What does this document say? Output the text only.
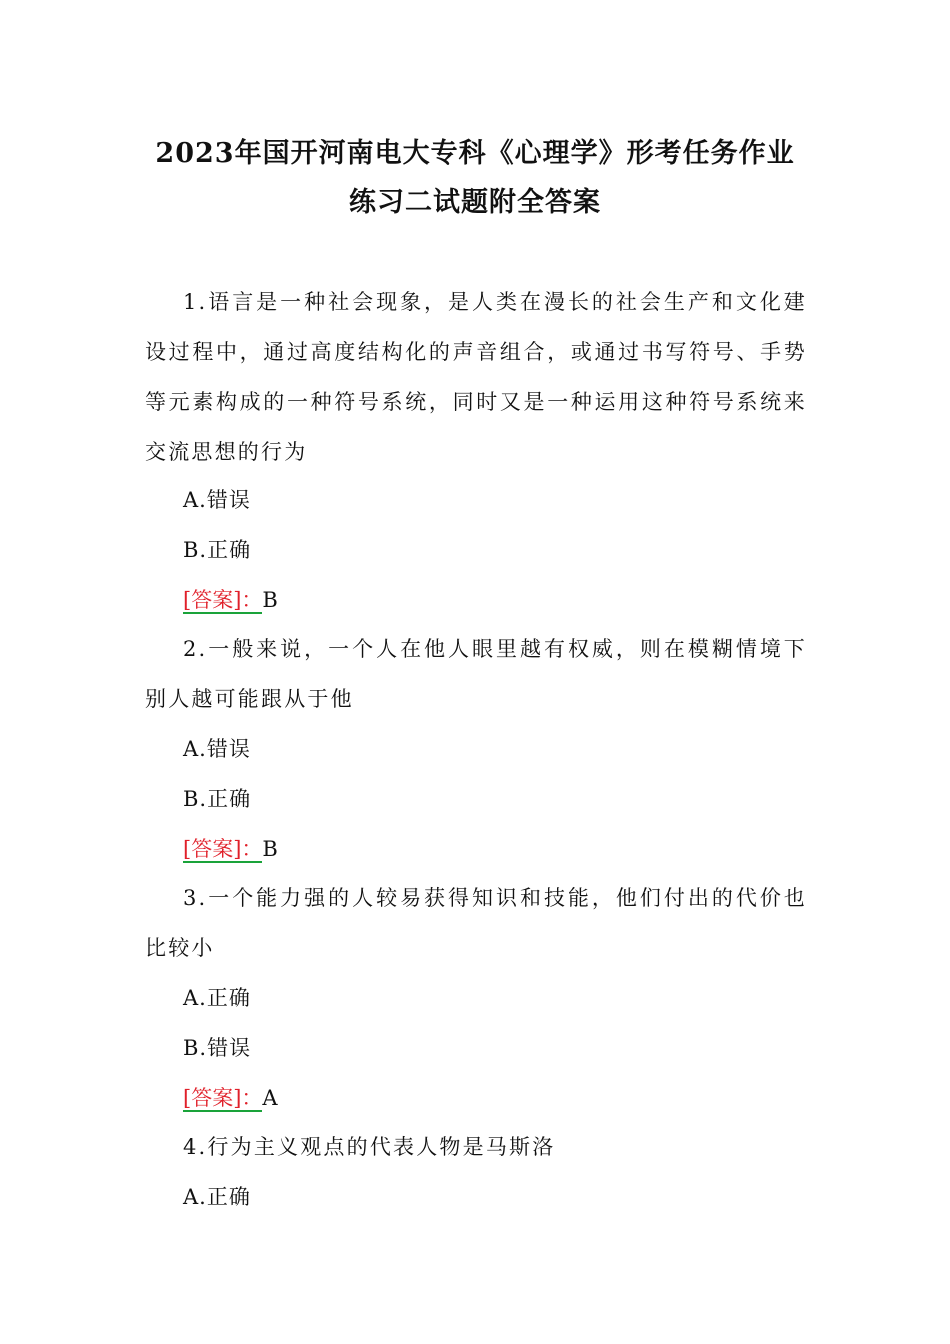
2023年国开河南电大专科《心理学》形考任务作业
练习二试题附全答案
1.语言是一种社会现象，是人类在漫长的社会生产和文化建设过程中，通过高度结构化的声音组合，或通过书写符号、手势等元素构成的一种符号系统，同时又是一种运用这种符号系统来交流思想的行为
A.错误
B.正确
[答案]：B
2.一般来说，一个人在他人眼里越有权威，则在模糊情境下别人越可能跟从于他
A.错误
B.正确
[答案]：B
3.一个能力强的人较易获得知识和技能，他们付出的代价也比较小
A.正确
B.错误
[答案]：A
4.行为主义观点的代表人物是马斯洛
A.正确
